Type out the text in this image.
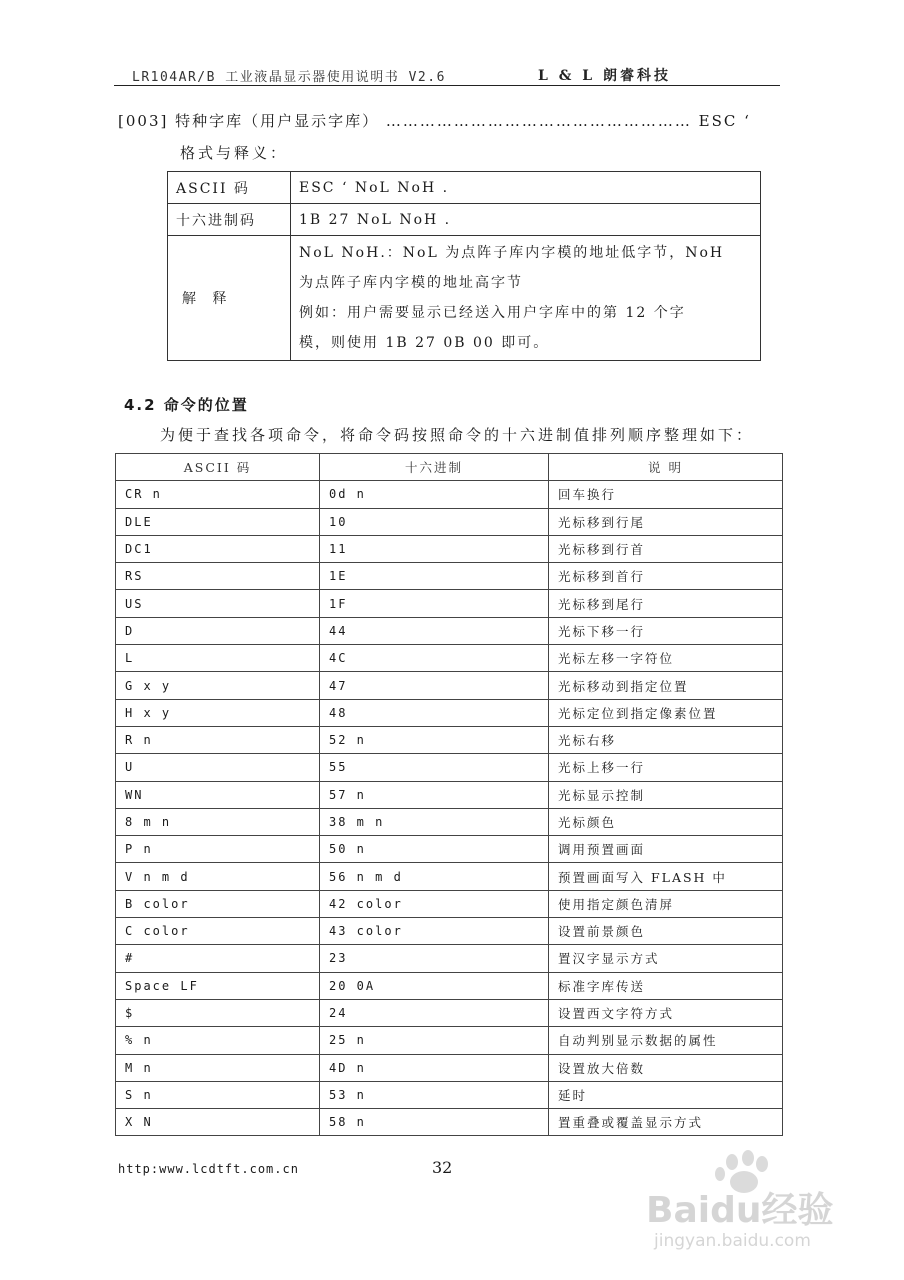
LR104AR/B 工业液晶显示器使用说明书 V2.6	L & L 朗睿科技
[003] 特种字库（用户显示字库） ……………………………………………… ESC ‘
格式与释义：
ASCII 码	ESC ‘ NoL NoH .
十六进制码	1B 27 NoL NoH .
解 释	NoL NoH.：NoL 为点阵子库内字模的地址低字节，NoH
为点阵子库内字模的地址高字节
例如：用户需要显示已经送入用户字库中的第 12 个字
模，则使用 1B 27 0B 00 即可。
4.2 命令的位置
为便于查找各项命令，将命令码按照命令的十六进制值排列顺序整理如下：
ASCII 码	十六进制	说 明
CR n	0d n	回车换行
DLE	10	光标移到行尾
DC1	11	光标移到行首
RS	1E	光标移到首行
US	1F	光标移到尾行
D	44	光标下移一行
L	4C	光标左移一字符位
G x y	47	光标移动到指定位置
H x y	48	光标定位到指定像素位置
R n	52 n	光标右移
U	55	光标上移一行
WN	57 n	光标显示控制
8 m n	38 m n	光标颜色
P n	50 n	调用预置画面
V n m d	56 n m d	预置画面写入 FLASH 中
B color	42 color	使用指定颜色清屏
C color	43 color	设置前景颜色
#	23	置汉字显示方式
Space LF	20 0A	标准字库传送
$	24	设置西文字符方式
% n	25 n	自动判别显示数据的属性
M n	4D n	设置放大倍数
S n	53 n	延时
X N	58 n	置重叠或覆盖显示方式
http:www.lcdtft.com.cn	32
Baidu经验
jingyan.baidu.com
